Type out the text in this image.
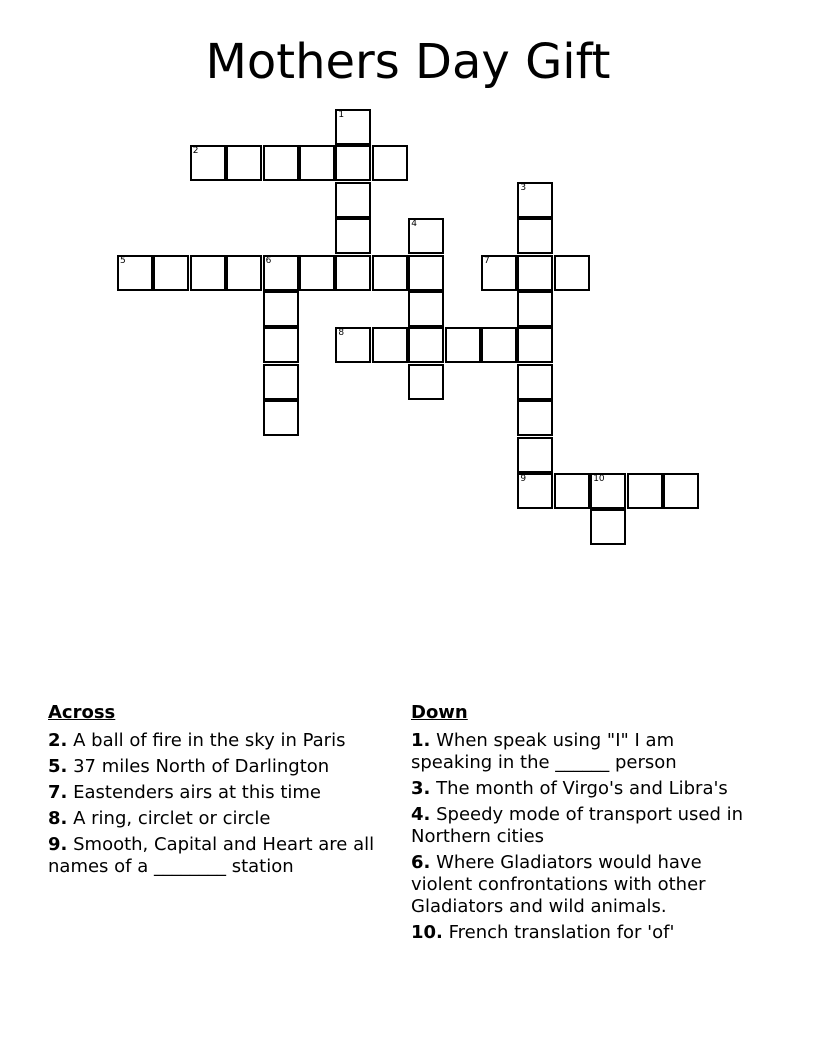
Mothers Day Gift
1
2
3
4
5	6	7
8
9	10
Across
2. A ball of fire in the sky in Paris
5. 37 miles North of Darlington
7. Eastenders airs at this time
8. A ring, circlet or circle
9. Smooth, Capital and Heart are all names of a ________ station
Down
1. When speak using "I" I am speaking in the ______ person
3. The month of Virgo's and Libra's
4. Speedy mode of transport used in Northern cities
6. Where Gladiators would have violent confrontations with other Gladiators and wild animals.
10. French translation for 'of'
